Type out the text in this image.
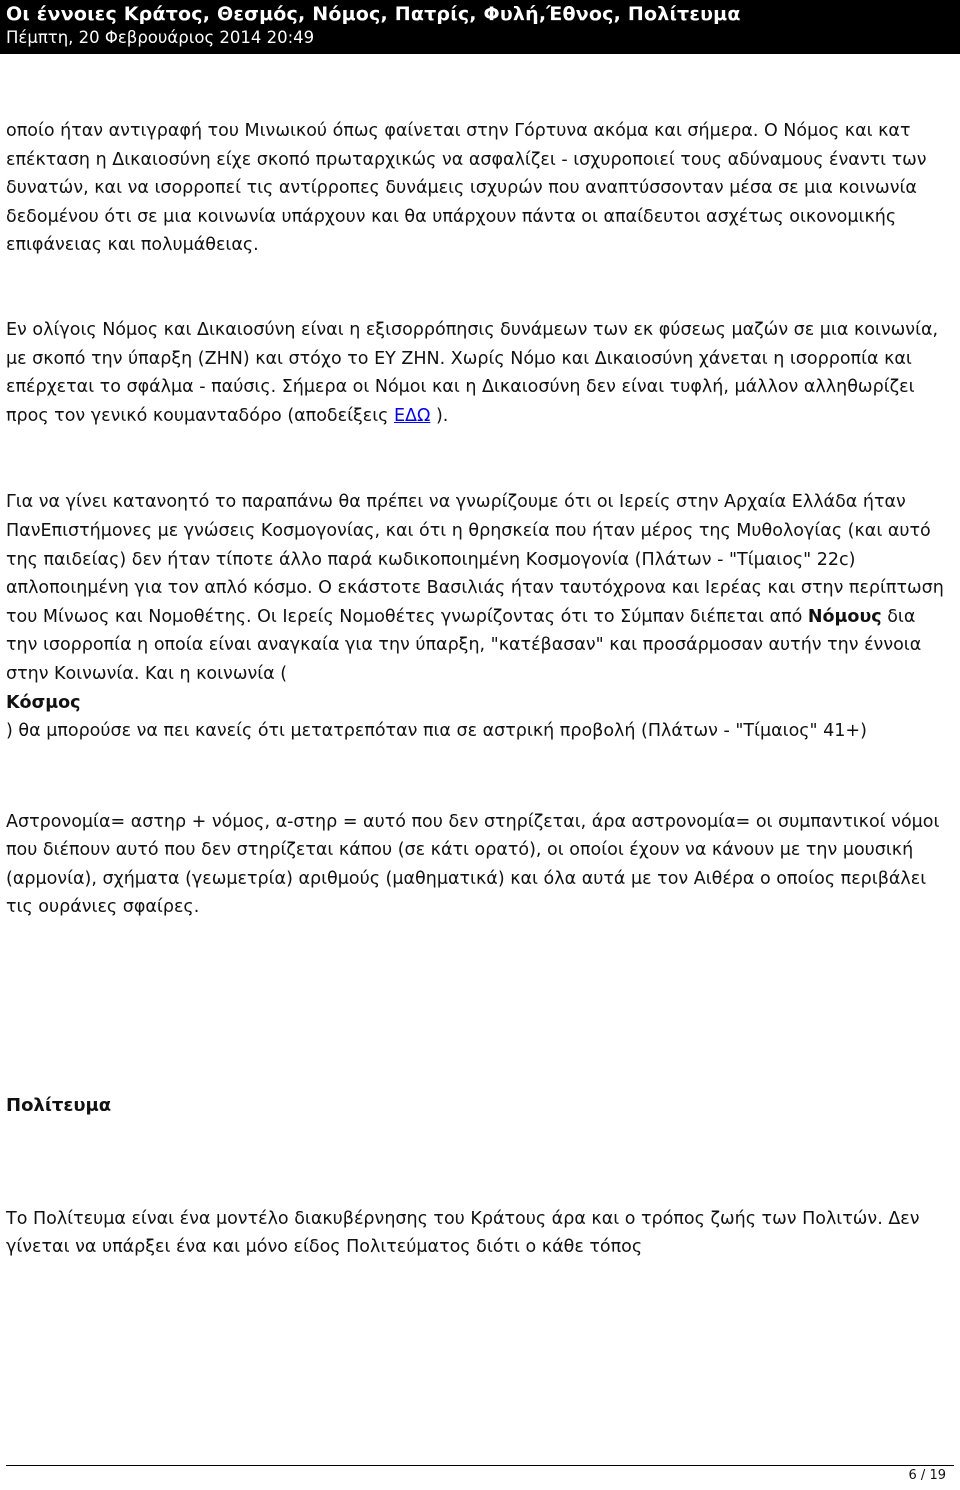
Οι έννοιες Κράτος, Θεσμός, Νόμος, Πατρίς, Φυλή,Έθνος, Πολίτευμα
Πέμπτη, 20 Φεβρουάριος 2014 20:49

οποίο ήταν αντιγραφή του Μινωικού όπως φαίνεται στην Γόρτυνα ακόμα και σήμερα. Ο Νόμος και κατ επέκταση η Δικαιοσύνη είχε σκοπό πρωταρχικώς να ασφαλίζει - ισχυροποιεί τους αδύναμους έναντι των δυνατών, και να ισορροπεί τις αντίρροπες δυνάμεις ισχυρών που αναπτύσσονταν μέσα σε μια κοινωνία δεδομένου ότι σε μια κοινωνία υπάρχουν και θα υπάρχουν πάντα οι απαίδευτοι ασχέτως οικονομικής επιφάνειας και πολυμάθειας.

Εν ολίγοις Νόμος και Δικαιοσύνη είναι η εξισορρόπησις δυνάμεων των εκ φύσεως μαζών σε μια κοινωνία, με σκοπό την ύπαρξη (ΖΗΝ) και στόχο το ΕΥ ΖΗΝ. Χωρίς Νόμο και Δικαιοσύνη χάνεται η ισορροπία και επέρχεται το σφάλμα - παύσις. Σήμερα οι Νόμοι και η Δικαιοσύνη δεν είναι τυφλή, μάλλον αλληθωρίζει προς τον γενικό κουμανταδόρο (αποδείξεις ΕΔΩ ).

Για να γίνει κατανοητό το παραπάνω θα πρέπει να γνωρίζουμε ότι οι Ιερείς στην Αρχαία Ελλάδα ήταν ΠανΕπιστήμονες με γνώσεις Κοσμογονίας, και ότι η θρησκεία που ήταν μέρος της Μυθολογίας (και αυτό της παιδείας) δεν ήταν τίποτε άλλο παρά κωδικοποιημένη Κοσμογονία (Πλάτων - "Τίμαιος" 22c) απλοποιημένη για τον απλό κόσμο. Ο εκάστοτε Βασιλιάς ήταν ταυτόχρονα και Ιερέας και στην περίπτωση του Μίνωος και Νομοθέτης. Οι Ιερείς Νομοθέτες γνωρίζοντας ότι το Σύμπαν διέπεται από Νόμους δια την ισορροπία η οποία είναι αναγκαία για την ύπαρξη, "κατέβασαν" και προσάρμοσαν αυτήν την έννοια στην Κοινωνία. Και η κοινωνία (
Κόσμος
) θα μπορούσε να πει κανείς ότι μετατρεπόταν πια σε αστρική προβολή (Πλάτων - "Τίμαιος" 41+)

Αστρονομία= αστηρ + νόμος, α-στηρ = αυτό που δεν στηρίζεται, άρα αστρονομία= οι συμπαντικοί νόμοι που διέπουν αυτό που δεν στηρίζεται κάπου (σε κάτι ορατό), οι οποίοι έχουν να κάνουν με την μουσική (αρμονία), σχήματα (γεωμετρία) αριθμούς (μαθηματικά) και όλα αυτά με τον Αιθέρα ο οποίος περιβάλει τις ουράνιες σφαίρες.

Πολίτευμα

Το Πολίτευμα είναι ένα μοντέλο διακυβέρνησης του Κράτους άρα και ο τρόπος ζωής των Πολιτών. Δεν γίνεται να υπάρξει ένα και μόνο είδος Πολιτεύματος διότι ο κάθε τόπος

6 / 19
